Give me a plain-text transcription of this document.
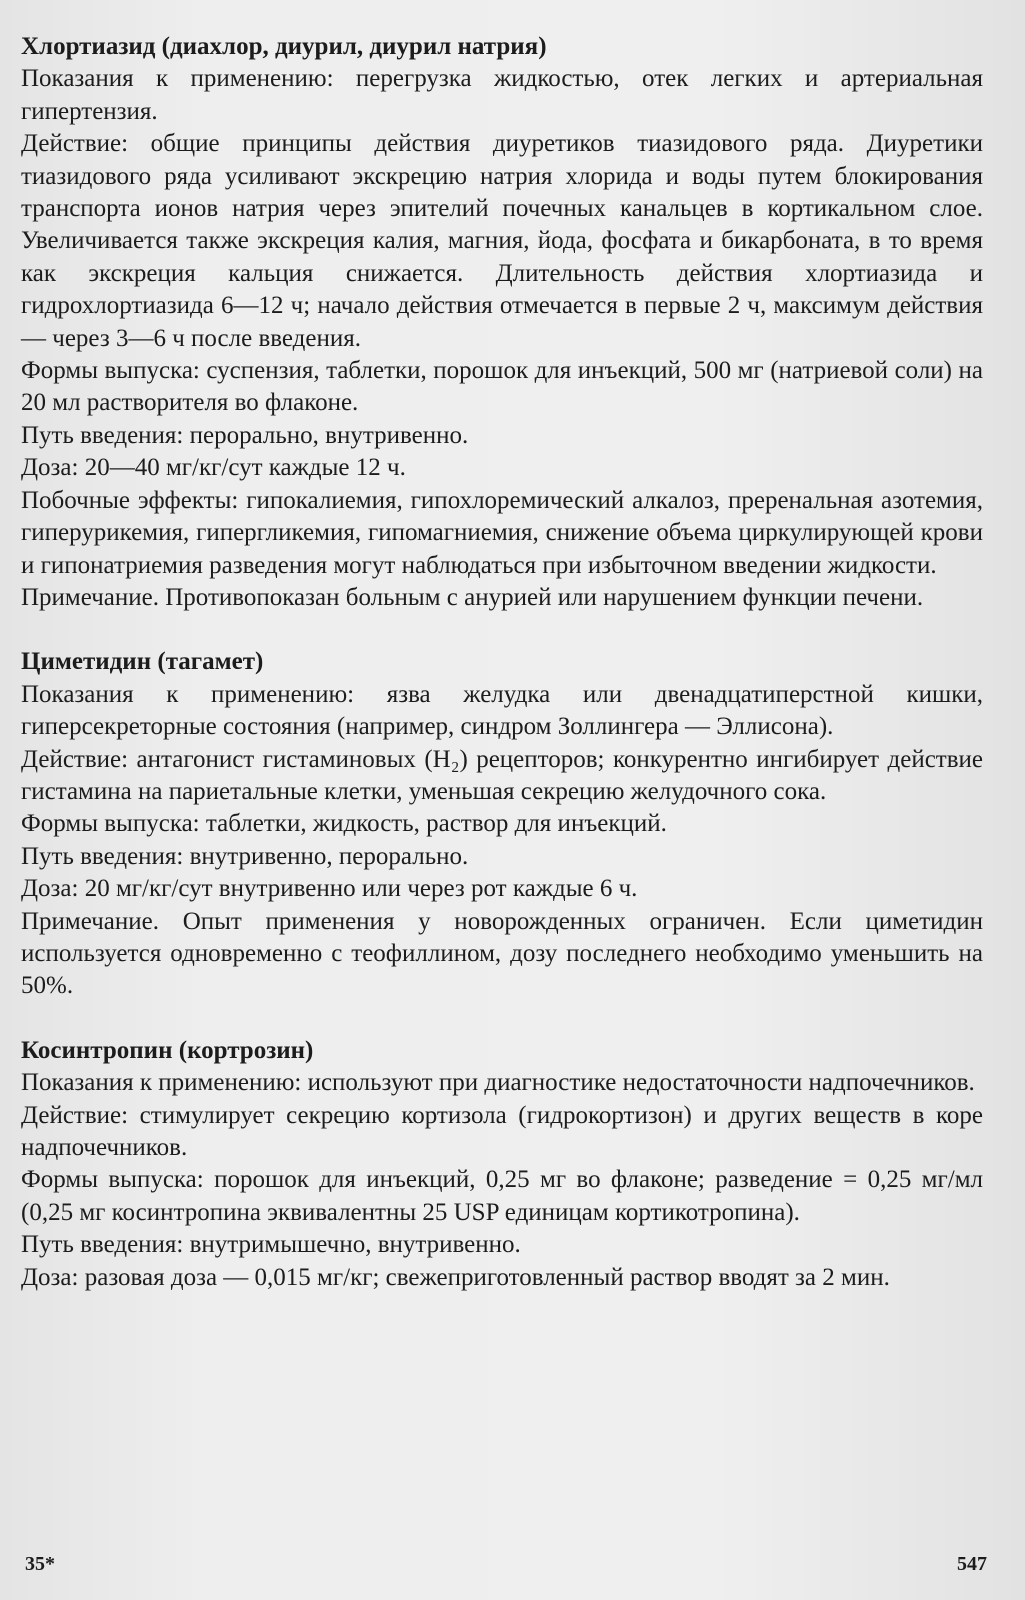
Хлортиазид (диахлор, диурил, диурил натрия)

Показания к применению: перегрузка жидкостью, отек легких и артериальная гипертензия.

Действие: общие принципы действия диуретиков тиазидового ряда. Диуретики тиазидового ряда усиливают экскрецию натрия хлорида и воды путем блокирования транспорта ионов натрия через эпителий почечных канальцев в кортикальном слое. Увеличивается также экскреция калия, магния, йода, фосфата и бикарбоната, в то время как экскреция кальция снижается. Длительность действия хлортиазида и гидрохлортиазида 6—12 ч; начало действия отмечается в первые 2 ч, максимум действия — через 3—6 ч после введения.

Формы выпуска: суспензия, таблетки, порошок для инъекций, 500 мг (натриевой соли) на 20 мл растворителя во флаконе.

Путь введения: перорально, внутривенно.

Доза: 20—40 мг/кг/сут каждые 12 ч.

Побочные эффекты: гипокалиемия, гипохлоремический алкалоз, преренальная азотемия, гиперурикемия, гипергликемия, гипомагниемия, снижение объема циркулирующей крови и гипонатриемия разведения могут наблюдаться при избыточном введении жидкости.

Примечание. Противопоказан больным с анурией или нарушением функции печени.

Циметидин (тагамет)

Показания к применению: язва желудка или двенадцатиперстной кишки, гиперсекреторные состояния (например, синдром Золлингера — Эллисона).

Действие: антагонист гистаминовых (H₂) рецепторов; конкурентно ингибирует действие гистамина на париетальные клетки, уменьшая секрецию желудочного сока.

Формы выпуска: таблетки, жидкость, раствор для инъекций.

Путь введения: внутривенно, перорально.

Доза: 20 мг/кг/сут внутривенно или через рот каждые 6 ч.

Примечание. Опыт применения у новорожденных ограничен. Если циметидин используется одновременно с теофиллином, дозу последнего необходимо уменьшить на 50%.

Косинтропин (кортрозин)

Показания к применению: используют при диагностике недостаточности надпочечников.

Действие: стимулирует секрецию кортизола (гидрокортизон) и других веществ в коре надпочечников.

Формы выпуска: порошок для инъекций, 0,25 мг во флаконе; разведение = 0,25 мг/мл (0,25 мг косинтропина эквивалентны 25 USP единицам кортикотропина).

Путь введения: внутримышечно, внутривенно.

Доза: разовая доза — 0,015 мг/кг; свежеприготовленный раствор вводят за 2 мин.

35*	547
